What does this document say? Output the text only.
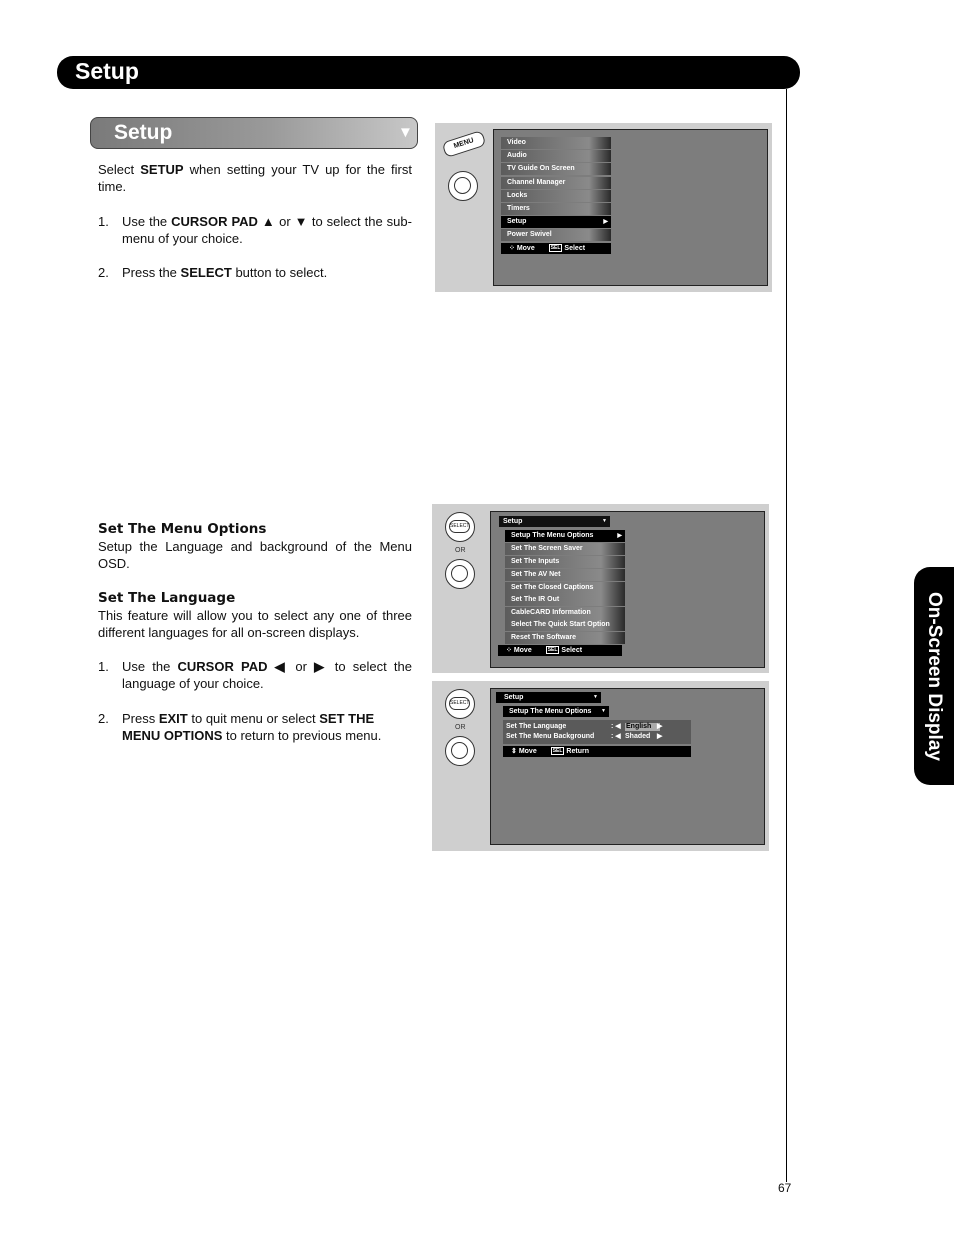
Setup
On-Screen Display
67
Setup	▼
Select SETUP when setting your TV up for the first time.
1. Use the CURSOR PAD ▲ or ▼ to select the sub-menu of your choice.
2. Press the SELECT button to select.
Set The Menu Options
Setup the Language and background of the Menu OSD.
Set The Language
This feature will allow you to select any one of three different languages for all on-screen displays.
1. Use the CURSOR PAD ◀ or ▶ to select the language of your choice.
2. Press EXIT to quit menu or select SET THE MENU OPTIONS to return to previous menu.
MENU	Video
Audio
TV Guide On Screen
Channel Manager
Locks
Timers
Setup	▶
Power Swivel
⁘ Move	SEL Select
SELECT
OR
Setup	▼
Setup The Menu Options	▶
Set The Screen Saver
Set The Inputs
Set The AV Net
Set The Closed Captions
Set The IR Out
CableCARD Information
Select The Quick Start Option
Reset The Software
⁘ Move	SEL Select
SELECT
OR
Setup	▼
Setup The Menu Options ▼
Set The Language	: ◀ English ▶
Set The Menu Background : ◀ Shaded ▶
⇕ Move	SEL Return
